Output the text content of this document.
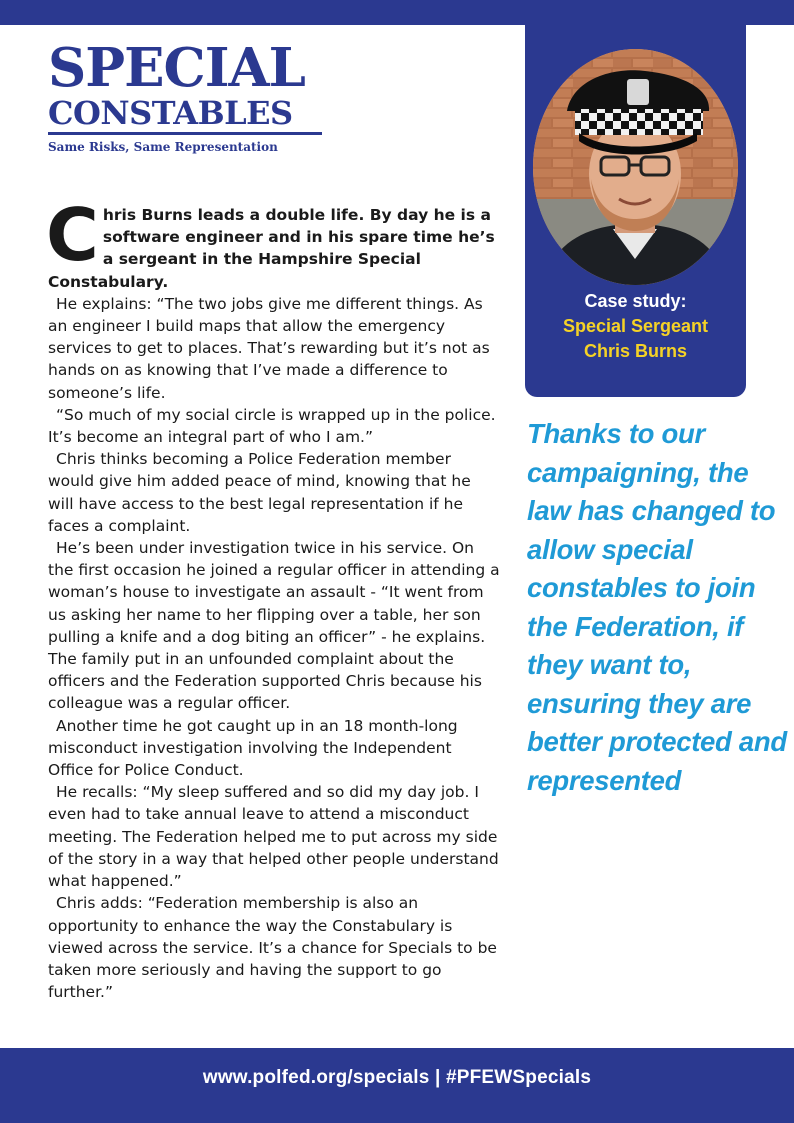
SPECIAL
CONSTABLES
Same Risks, Same Representation
Case study:
Special Sergeant
Chris Burns
Thanks to our campaigning, the law has changed to allow special constables to join the Federation, if they want to, ensuring they are better protected and represented

Chris Burns leads a double life. By day he is a software engineer and in his spare time he’s a sergeant in the Hampshire Special Constabulary.

He explains: “The two jobs give me different things. As an engineer I build maps that allow the emergency services to get to places. That’s rewarding but it’s not as hands on as knowing that I’ve made a difference to someone’s life.

“So much of my social circle is wrapped up in the police. It’s become an integral part of who I am.”

Chris thinks becoming a Police Federation member would give him added peace of mind, knowing that he will have access to the best legal representation if he faces a complaint.

He’s been under investigation twice in his service. On the first occasion he joined a regular officer in attending a woman’s house to investigate an assault - “It went from us asking her name to her flipping over a table, her son pulling a knife and a dog biting an officer” - he explains. The family put in an unfounded complaint about the officers and the Federation supported Chris because his colleague was a regular officer.

Another time he got caught up in an 18 month-long misconduct investigation involving the Independent Office for Police Conduct.

He recalls: “My sleep suffered and so did my day job. I even had to take annual leave to attend a misconduct meeting. The Federation helped me to put across my side of the story in a way that helped other people understand what happened.”

Chris adds: “Federation membership is also an opportunity to enhance the way the Constabulary is viewed across the service. It’s a chance for Specials to be taken more seriously and having the support to go further.”

www.polfed.org/specials | #PFEWSpecials
